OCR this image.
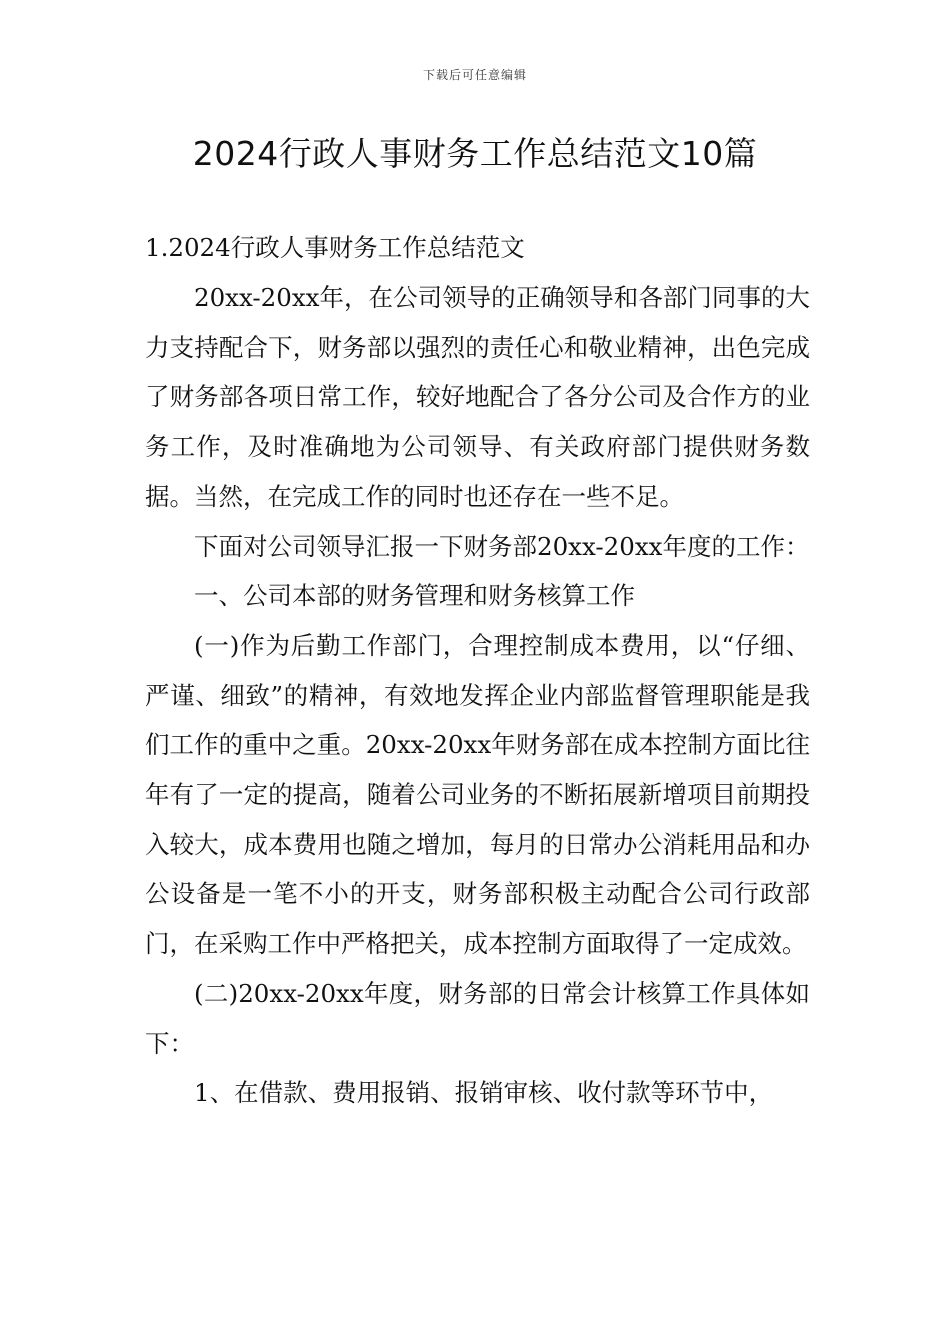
下载后可任意编辑
2024行政人事财务工作总结范文10篇
1.2024行政人事财务工作总结范文

20xx-20xx年，在公司领导的正确领导和各部门同事的大力支持配合下，财务部以强烈的责任心和敬业精神，出色完成了财务部各项日常工作，较好地配合了各分公司及合作方的业务工作，及时准确地为公司领导、有关政府部门提供财务数据。当然，在完成工作的同时也还存在一些不足。

下面对公司领导汇报一下财务部20xx-20xx年度的工作：

一、公司本部的财务管理和财务核算工作

(一)作为后勤工作部门，合理控制成本费用，以“仔细、严谨、细致”的精神，有效地发挥企业内部监督管理职能是我们工作的重中之重。20xx-20xx年财务部在成本控制方面比往年有了一定的提高，随着公司业务的不断拓展新增项目前期投入较大，成本费用也随之增加，每月的日常办公消耗用品和办公设备是一笔不小的开支，财务部积极主动配合公司行政部门，在采购工作中严格把关，成本控制方面取得了一定成效。

(二)20xx-20xx年度，财务部的日常会计核算工作具体如下：

1、在借款、费用报销、报销审核、收付款等环节中，
